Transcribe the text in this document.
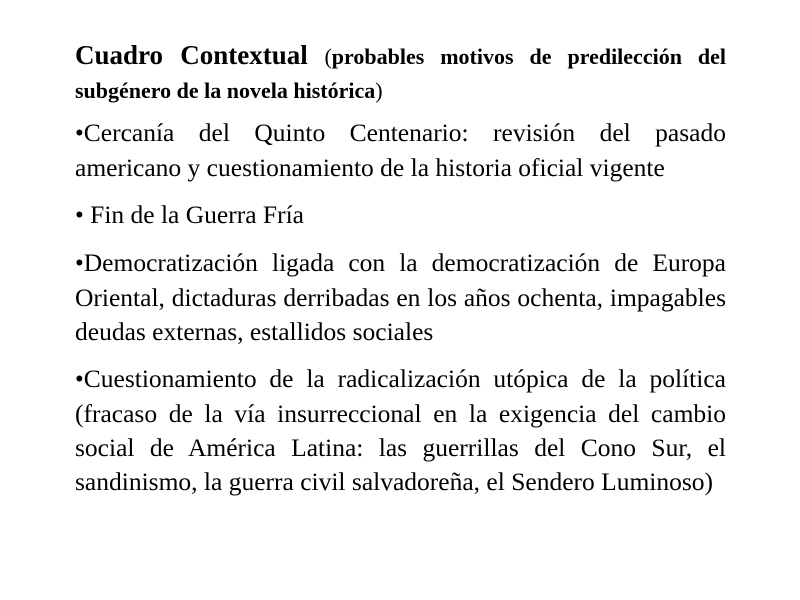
Cuadro Contextual (probables motivos de predilección del subgénero de la novela histórica)

•Cercanía del Quinto Centenario: revisión del pasado americano y cuestionamiento de la historia oficial vigente

• Fin de la Guerra Fría

•Democratización ligada con la democratización de Europa Oriental, dictaduras derribadas en los años ochenta, impagables deudas externas, estallidos sociales

•Cuestionamiento de la radicalización utópica de la política (fracaso de la vía insurreccional en la exigencia del cambio social de América Latina: las guerrillas del Cono Sur, el sandinismo, la guerra civil salvadoreña, el Sendero Luminoso)
